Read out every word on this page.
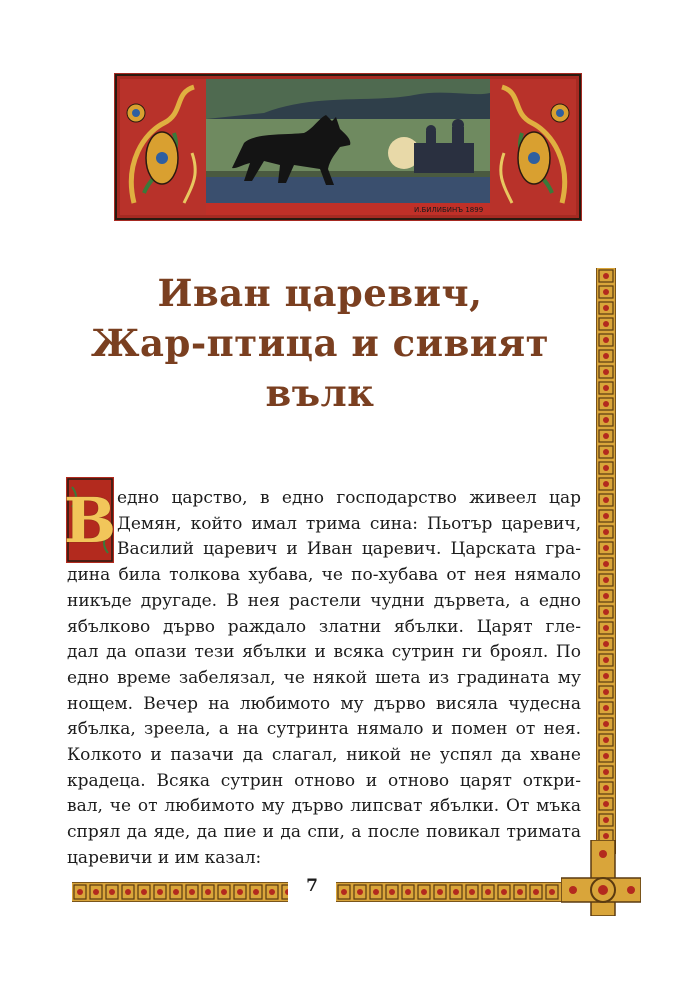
И.БИЛИБИНЪ 1899
Иван царевич,
Жар-птица и сивият вълк
В едно царство, в едно господарство живеел цар
Демян, който имал трима сина: Пьотър царевич,
Василий царевич и Иван царевич. Царската гра-
дина била толкова хубава, че по-хубава от нея нямало
никъде другаде. В нея растели чудни дървета, а едно
ябълково дърво раждало златни ябълки. Царят гле-
дал да опази тези ябълки и всяка сутрин ги броял. По
едно време забелязал, че някой шета из градината му
нощем. Вечер на любимото му дърво висяла чудесна
ябълка, зреела, а на сутринта нямало и помен от нея.
Колкото и пазачи да слагал, никой не успял да хване
крадеца. Всяка сутрин отново и отново царят откри-
вал, че от любимото му дърво липсват ябълки. От мъка
спрял да яде, да пие и да спи, а после повикал тримата
царевичи и им казал:
7
